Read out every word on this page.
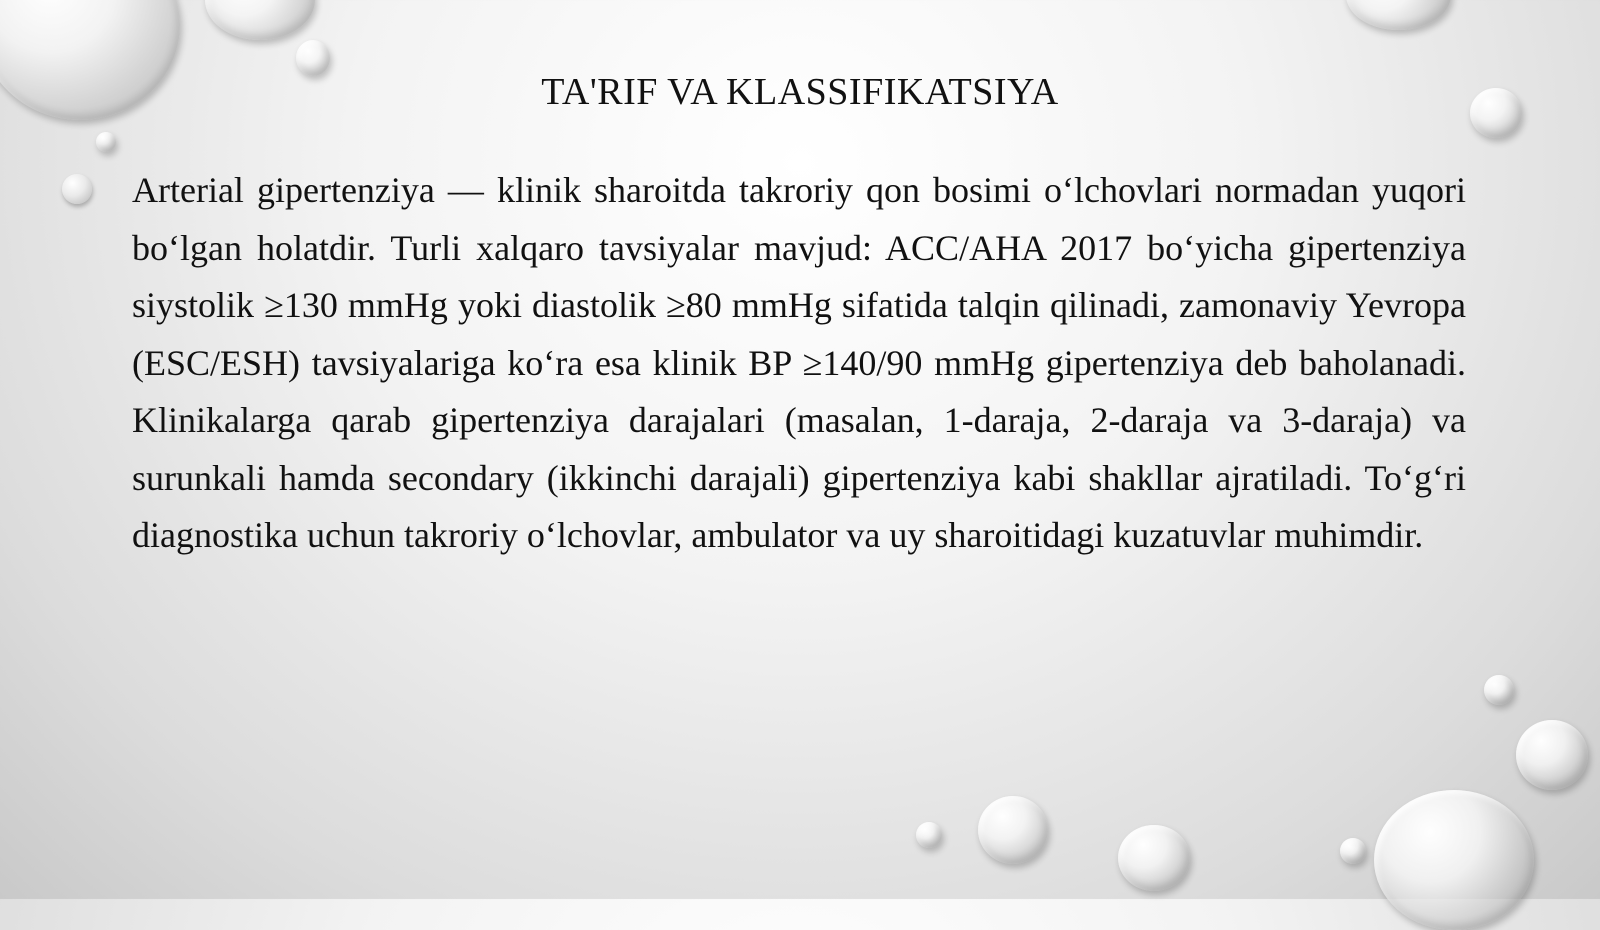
TA'RIF VA KLASSIFIKATSIYA

Arterial gipertenziya — klinik sharoitda takroriy qon bosimi o‘lchovlari normadan yuqori bo‘lgan holatdir. Turli xalqaro tavsiyalar mavjud: ACC/AHA 2017 bo‘yicha gipertenziya siystolik ≥130 mmHg yoki diastolik ≥80 mmHg sifatida talqin qilinadi, zamonaviy Yevropa (ESC/ESH) tavsiyalariga ko‘ra esa klinik BP ≥140/90 mmHg gipertenziya deb baholanadi. Klinikalarga qarab gipertenziya darajalari (masalan, 1-daraja, 2-daraja va 3-daraja) va surunkali hamda secondary (ikkinchi darajali) gipertenziya kabi shakllar ajratiladi. To‘g‘ri diagnostika uchun takroriy o‘lchovlar, ambulator va uy sharoitidagi kuzatuvlar muhimdir.
